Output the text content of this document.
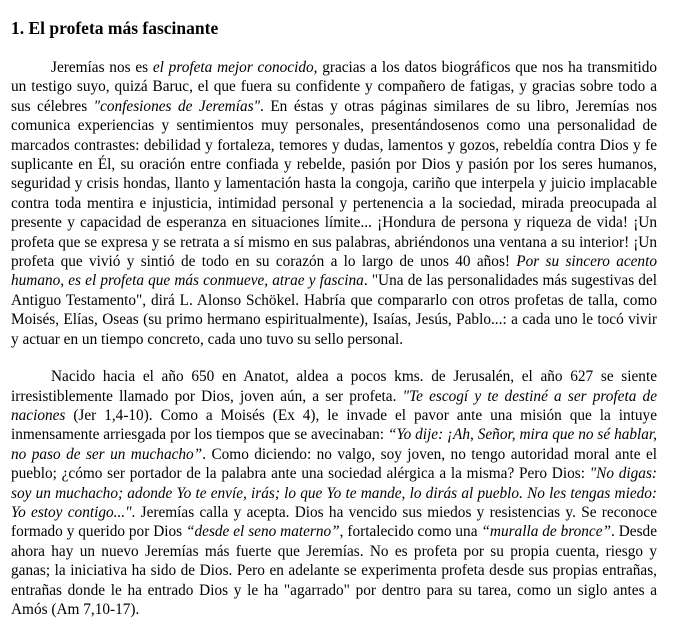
1. El profeta más fascinante

Jeremías nos es el profeta mejor conocido, gracias a los datos biográficos que nos ha transmitido un testigo suyo, quizá Baruc, el que fuera su confidente y compañero de fatigas, y gracias sobre todo a sus célebres "confesiones de Jeremías". En éstas y otras páginas similares de su libro, Jeremías nos comunica experiencias y sentimientos muy personales, presentándosenos como una personalidad de marcados contrastes: debilidad y fortaleza, temores y dudas, lamentos y gozos, rebeldía contra Dios y fe suplicante en Él, su oración entre confiada y rebelde, pasión por Dios y pasión por los seres humanos, seguridad y crisis hondas, llanto y lamentación hasta la congoja, cariño que interpela y juicio implacable contra toda mentira e injusticia, intimidad personal y pertenencia a la sociedad, mirada preocupada al presente y capacidad de esperanza en situaciones límite... ¡Hondura de persona y riqueza de vida! ¡Un profeta que se expresa y se retrata a sí mismo en sus palabras, abriéndonos una ventana a su interior! ¡Un profeta que vivió y sintió de todo en su corazón a lo largo de unos 40 años! Por su sincero acento humano, es el profeta que más conmueve, atrae y fascina. "Una de las personalidades más sugestivas del Antiguo Testamento", dirá L. Alonso Schökel. Habría que compararlo con otros profetas de talla, como Moisés, Elías, Oseas (su primo hermano espiritualmente), Isaías, Jesús, Pablo...: a cada uno le tocó vivir y actuar en un tiempo concreto, cada uno tuvo su sello personal.

Nacido hacia el año 650 en Anatot, aldea a pocos kms. de Jerusalén, el año 627 se siente irresistiblemente llamado por Dios, joven aún, a ser profeta. "Te escogí y te destiné a ser profeta de naciones (Jer 1,4-10). Como a Moisés (Ex 4), le invade el pavor ante una misión que la intuye inmensamente arriesgada por los tiempos que se avecinaban: “Yo dije: ¡Ah, Señor, mira que no sé hablar, no paso de ser un muchacho”. Como diciendo: no valgo, soy joven, no tengo autoridad moral ante el pueblo; ¿cómo ser portador de la palabra ante una sociedad alérgica a la misma? Pero Dios: "No digas: soy un muchacho; adonde Yo te envíe, irás; lo que Yo te mande, lo dirás al pueblo. No les tengas miedo: Yo estoy contigo...". Jeremías calla y acepta. Dios ha vencido sus miedos y resistencias y. Se reconoce formado y querido por Dios “desde el seno materno”, fortalecido como una “muralla de bronce”. Desde ahora hay un nuevo Jeremías más fuerte que Jeremías. No es profeta por su propia cuenta, riesgo y ganas; la iniciativa ha sido de Dios. Pero en adelante se experimenta profeta desde sus propias entrañas, entrañas donde le ha entrado Dios y le ha "agarrado" por dentro para su tarea, como un siglo antes a Amós (Am 7,10-17).
